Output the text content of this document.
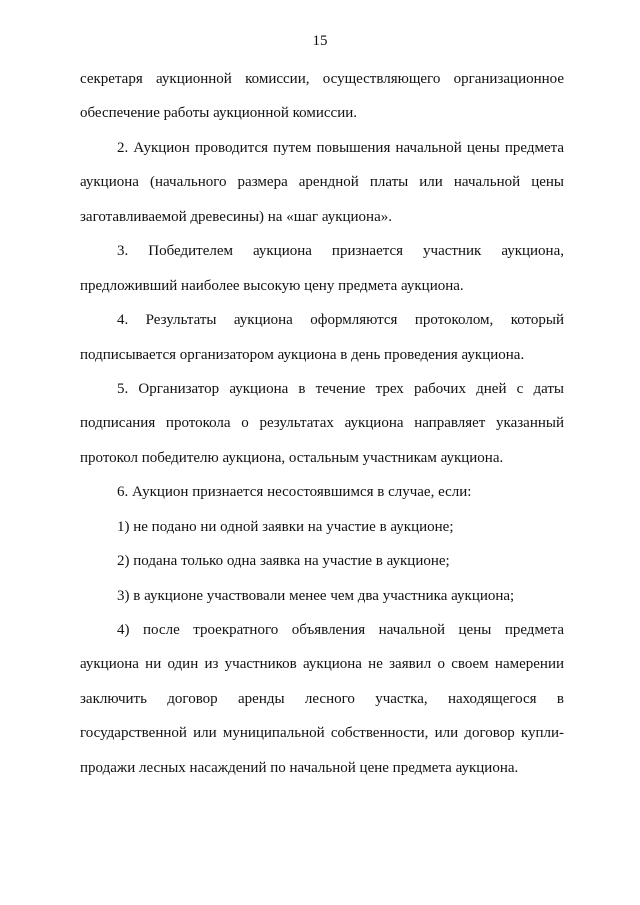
15
секретаря аукционной комиссии, осуществляющего организационное
обеспечение работы аукционной комиссии.
2. Аукцион проводится путем повышения начальной цены предмета
аукциона (начального размера арендной платы или начальной цены
заготавливаемой древесины) на «шаг аукциона».
3. Победителем аукциона признается участник аукциона,
предложивший наиболее высокую цену предмета аукциона.
4. Результаты аукциона оформляются протоколом, который
подписывается организатором аукциона в день проведения аукциона.
5. Организатор аукциона в течение трех рабочих дней с даты
подписания протокола о результатах аукциона направляет указанный
протокол победителю аукциона, остальным участникам аукциона.
6. Аукцион признается несостоявшимся в случае, если:
1) не подано ни одной заявки на участие в аукционе;
2) подана только одна заявка на участие в аукционе;
3) в аукционе участвовали менее чем два участника аукциона;
4) после троекратного объявления начальной цены предмета
аукциона ни один из участников аукциона не заявил о своем намерении
заключить договор аренды лесного участка, находящегося в
государственной или муниципальной собственности, или договор купли-
продажи лесных насаждений по начальной цене предмета аукциона.
